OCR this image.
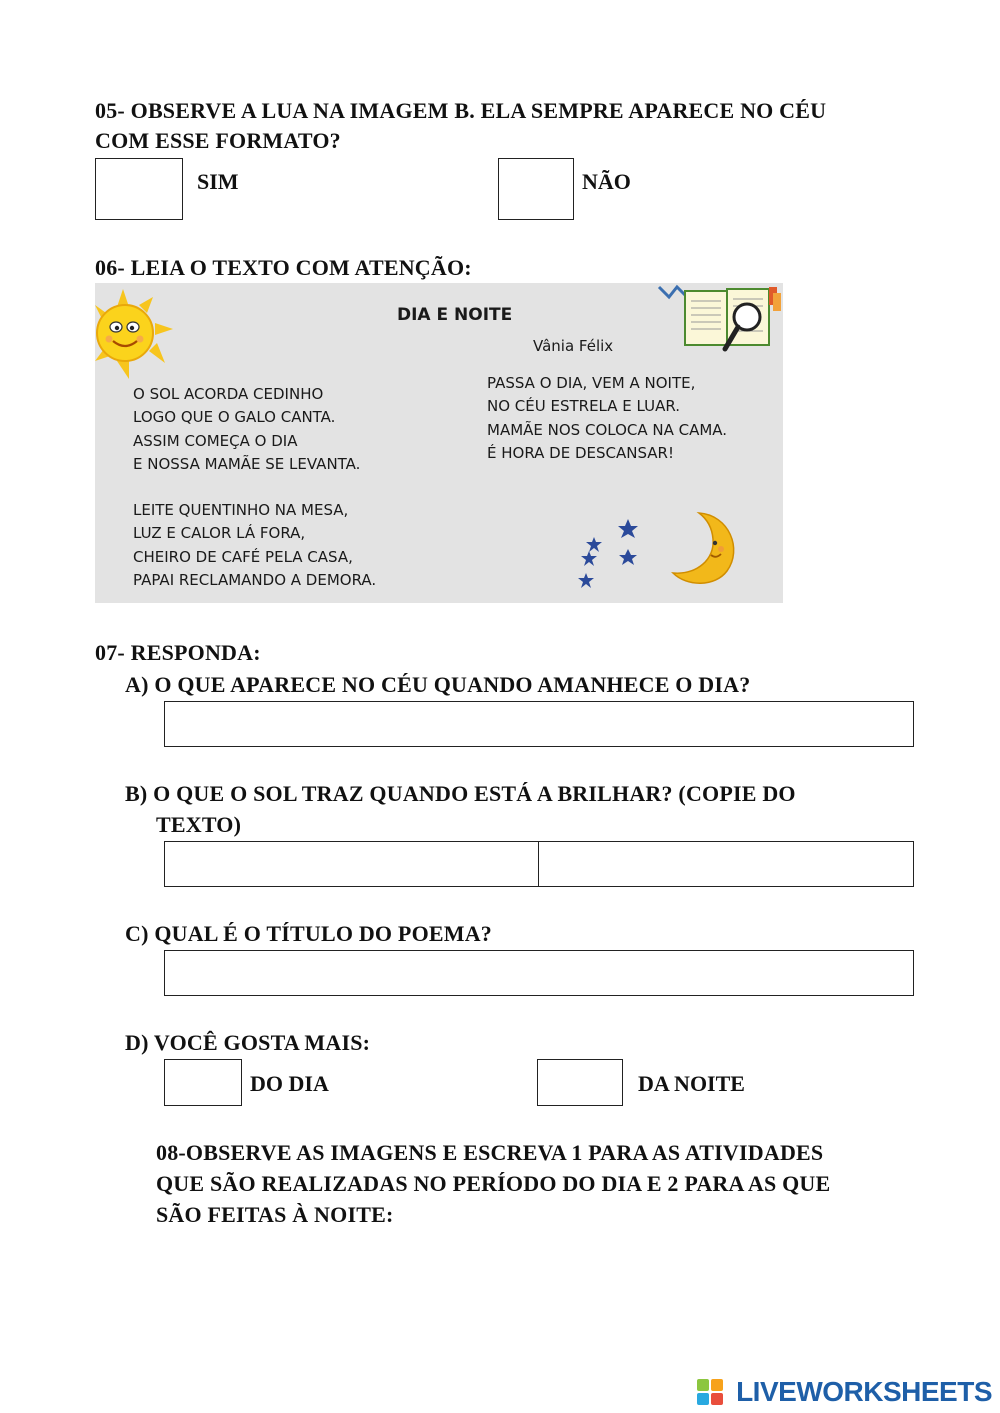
05- OBSERVE A LUA NA IMAGEM B. ELA SEMPRE APARECE NO CÉU

COM ESSE FORMATO?

SIM	NÃO

06- LEIA O TEXTO COM ATENÇÃO:

DIA E NOITE
Vânia Félix
O SOL ACORDA CEDINHO
LOGO QUE O GALO CANTA.
ASSIM COMEÇA O DIA
E NOSSA MAMÃE SE LEVANTA.
LEITE QUENTINHO NA MESA,
LUZ E CALOR LÁ FORA,
CHEIRO DE CAFÉ PELA CASA,
PAPAI RECLAMANDO A DEMORA.
PASSA O DIA, VEM A NOITE,
NO CÉU ESTRELA E LUAR.
MAMÃE NOS COLOCA NA CAMA.
É HORA DE DESCANSAR!

07- RESPONDA:

A) O QUE APARECE NO CÉU QUANDO AMANHECE O DIA?

B) O QUE O SOL TRAZ QUANDO ESTÁ A BRILHAR? (COPIE DO

TEXTO)

C) QUAL É O TÍTULO DO POEMA?

D) VOCÊ GOSTA MAIS:

DO DIA	DA NOITE

08-OBSERVE AS IMAGENS E ESCREVA 1 PARA AS ATIVIDADES

QUE SÃO REALIZADAS NO PERÍODO DO DIA E 2 PARA AS QUE

SÃO FEITAS À NOITE:

LIVEWORKSHEETS
